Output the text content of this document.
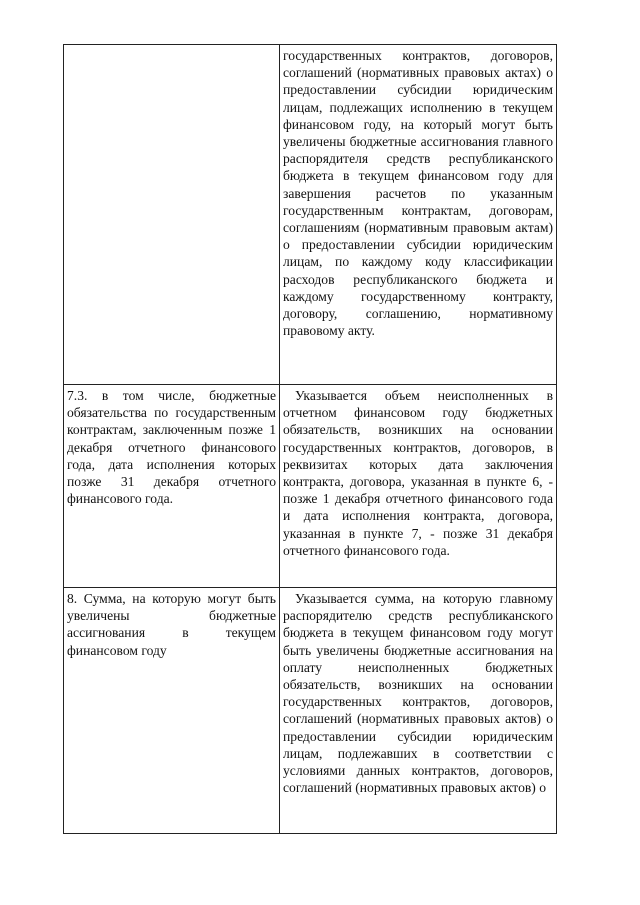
	государственных контрактов, договоров, соглашений (нормативных правовых актах) о предоставлении субсидии юридическим лицам, подлежащих исполнению в текущем финансовом году, на который могут быть увеличены бюджетные ассигнования главного распорядителя средств республиканского бюджета в текущем финансовом году для завершения расчетов по указанным государственным контрактам, договорам, соглашениям (нормативным правовым актам) о предоставлении субсидии юридическим лицам, по каждому коду классификации расходов республиканского бюджета и каждому государственному контракту, договору, соглашению, нормативному правовому акту.
7.3. в том числе, бюджетные обязательства по государственным контрактам, заключенным позже 1 декабря отчетного финансового года, дата исполнения которых позже 31 декабря отчетного финансового года.	Указывается объем неисполненных в отчетном финансовом году бюджетных обязательств, возникших на основании государственных контрактов, договоров, в реквизитах которых дата заключения контракта, договора, указанная в пункте 6, - позже 1 декабря отчетного финансового года и дата исполнения контракта, договора, указанная в пункте 7, - позже 31 декабря отчетного финансового года.
8. Сумма, на которую могут быть увеличены бюджетные ассигнования в текущем финансовом году	Указывается сумма, на которую главному распорядителю средств республиканского бюджета в текущем финансовом году могут быть увеличены бюджетные ассигнования на оплату неисполненных бюджетных обязательств, возникших на основании государственных контрактов, договоров, соглашений (нормативных правовых актов) о предоставлении субсидии юридическим лицам, подлежавших в соответствии с условиями данных контрактов, договоров, соглашений (нормативных правовых актов) о
